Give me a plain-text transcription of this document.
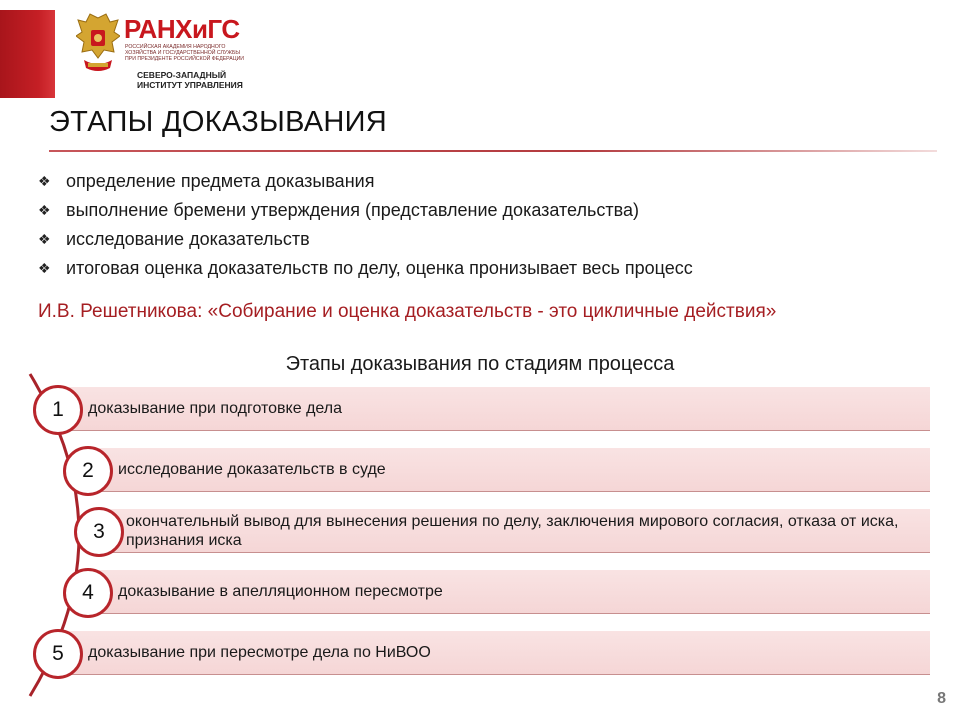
РАНХиГС
РОССИЙСКАЯ АКАДЕМИЯ НАРОДНОГО ХОЗЯЙСТВА И ГОСУДАРСТВЕННОЙ СЛУЖБЫ ПРИ ПРЕЗИДЕНТЕ РОССИЙСКОЙ ФЕДЕРАЦИИ
СЕВЕРО-ЗАПАДНЫЙ ИНСТИТУТ УПРАВЛЕНИЯ
ЭТАПЫ ДОКАЗЫВАНИЯ
❖ определение предмета доказывания
❖ выполнение бремени утверждения (представление доказательства)
❖ исследование доказательств
❖ итоговая оценка доказательств по делу, оценка пронизывает весь процесс
И.В. Решетникова: «Собирание и оценка доказательств - это цикличные действия»
Этапы доказывания по стадиям процесса
доказывание при подготовке дела
исследование доказательств в суде
окончательный вывод для вынесения решения по делу, заключения мирового согласия, отказа от иска, признания иска
доказывание в апелляционном пересмотре
доказывание при пересмотре дела по НиВОО
1
2
3
4
5
8
